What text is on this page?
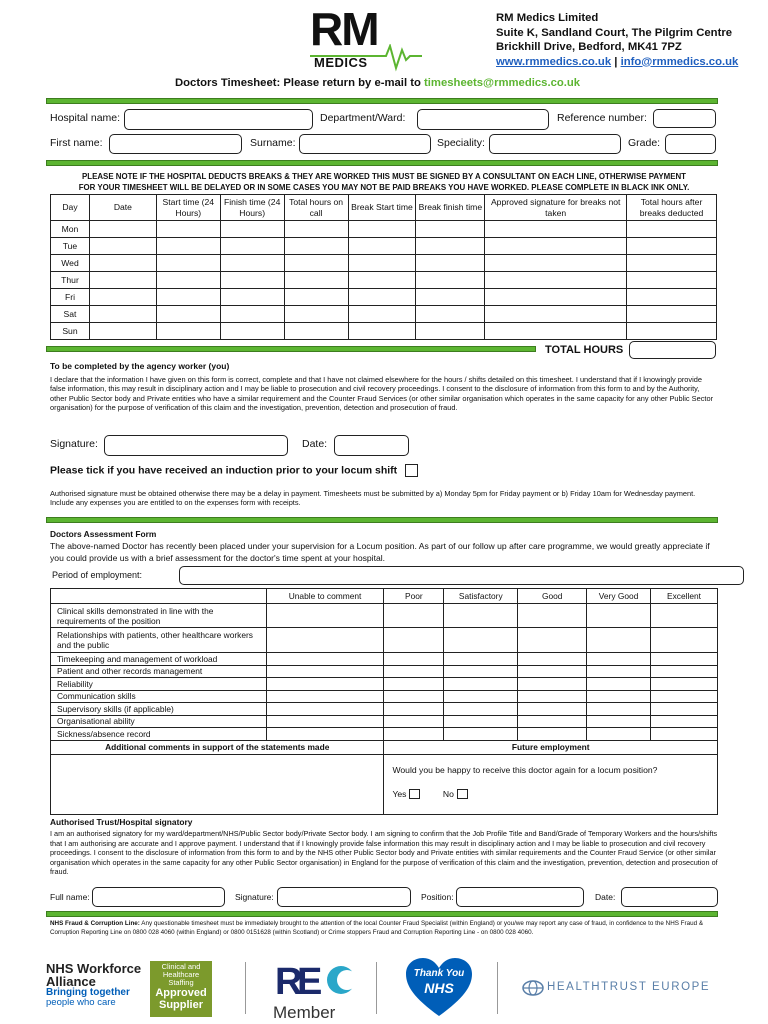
RM
MEDICS
RM Medics Limited
Suite K, Sandland Court, The Pilgrim Centre
Brickhill Drive, Bedford, MK41 7PZ
www.rmmedics.co.uk | info@rmmedics.co.uk
Doctors Timesheet: Please return by e-mail to timesheets@rmmedics.co.uk
Hospital name:	Department/Ward:	Reference number:
First name:	Surname:	Speciality:	Grade:
PLEASE NOTE IF THE HOSPITAL DEDUCTS BREAKS & THEY ARE WORKED THIS MUST BE SIGNED BY A CONSULTANT ON EACH LINE, OTHERWISE PAYMENT
FOR YOUR TIMESHEET WILL BE DELAYED OR IN SOME CASES YOU MAY NOT BE PAID BREAKS YOU HAVE WORKED. PLEASE COMPLETE IN BLACK INK ONLY.
Day	Date	Start time (24 Hours)	Finish time (24 Hours)	Total hours on call	Break Start time	Break finish time	Approved signature for breaks not taken	Total hours after breaks deducted
Mon								
Tue								
Wed								
Thur								
Fri								
Sat								
Sun								
TOTAL HOURS
To be completed by the agency worker (you)
I declare that the information I have given on this form is correct, complete and that I have not claimed elsewhere for the hours / shifts detailed on this timesheet. I understand that if I knowingly provide false information, this may result in disciplinary action and I may be liable to prosecution and civil recovery proceedings. I consent to the disclosure of information from this form to and by the Authority, other Public Sector body and Private entities who have a similar requirement and the Counter Fraud Services (or other similar organisation which operates in the same capacity for any other Public Sector organisation) for the purpose of verification of this claim and the investigation, prevention, detection and prosecution of fraud.
Signature:	Date:
Please tick if you have received an induction prior to your locum shift
Authorised signature must be obtained otherwise there may be a delay in payment. Timesheets must be submitted by a) Monday 5pm for Friday payment or b) Friday 10am for Wednesday payment. Include any expenses you are entitled to on the expenses form with receipts.
Doctors Assessment Form
The above-named Doctor has recently been placed under your supervision for a Locum position. As part of our follow up after care programme, we would greatly appreciate if you could provide us with a brief assessment for the doctor's time spent at your hospital.
Period of employment:
	Unable to comment	Poor	Satisfactory	Good	Very Good	Excellent
Clinical skills demonstrated in line with the requirements of the position						
Relationships with patients, other healthcare workers and the public						
Timekeeping and management of workload						
Patient and other records management						
Reliability						
Communication skills						
Supervisory skills (if applicable)						
Organisational ability						
Sickness/absence record						
Additional comments in support of the statements made		Future employment				

		Would you be happy to receive this doctor again for a locum position?
Yes No				
Authorised Trust/Hospital signatory
I am an authorised signatory for my ward/department/NHS/Public Sector body/Private Sector body. I am signing to confirm that the Job Profile Title and Band/Grade of Temporary Workers and the hours/shifts that I am authorising are accurate and I approve payment. I understand that if I knowingly provide false information this may result in disciplinary action and I may be liable to prosecution and civil recovery proceedings. I consent to the disclosure of information from this form to and by the NHS other Public Sector body and Private entities with similar requirements and the Counter Fraud Service (or other similar organisation which operates in the same capacity for any other Public Sector organisation) in England for the purpose of verification of this claim and the investigation, prevention, detection and prosecution of fraud.
Full name:	Signature:	Position:	Date:
NHS Fraud & Corruption Line: Any questionable timesheet must be immediately brought to the attention of the local Counter Fraud Specialist (within England) or you/we may report any case of fraud, in confidence to the NHS Fraud & Corruption Reporting Line on 0800 028 4060 (within England) or 0800 0151628 (within Scotland) or Crime stoppers Fraud and Corruption Reporting Line - on 0800 028 4060.
NHS Workforce
Alliance
Bringing together
people who care
Clinical and
Healthcare
Staffing
Approved
Supplier
R
E
Member
Thank You
NHS	HEALTHTRUST EUROPE
